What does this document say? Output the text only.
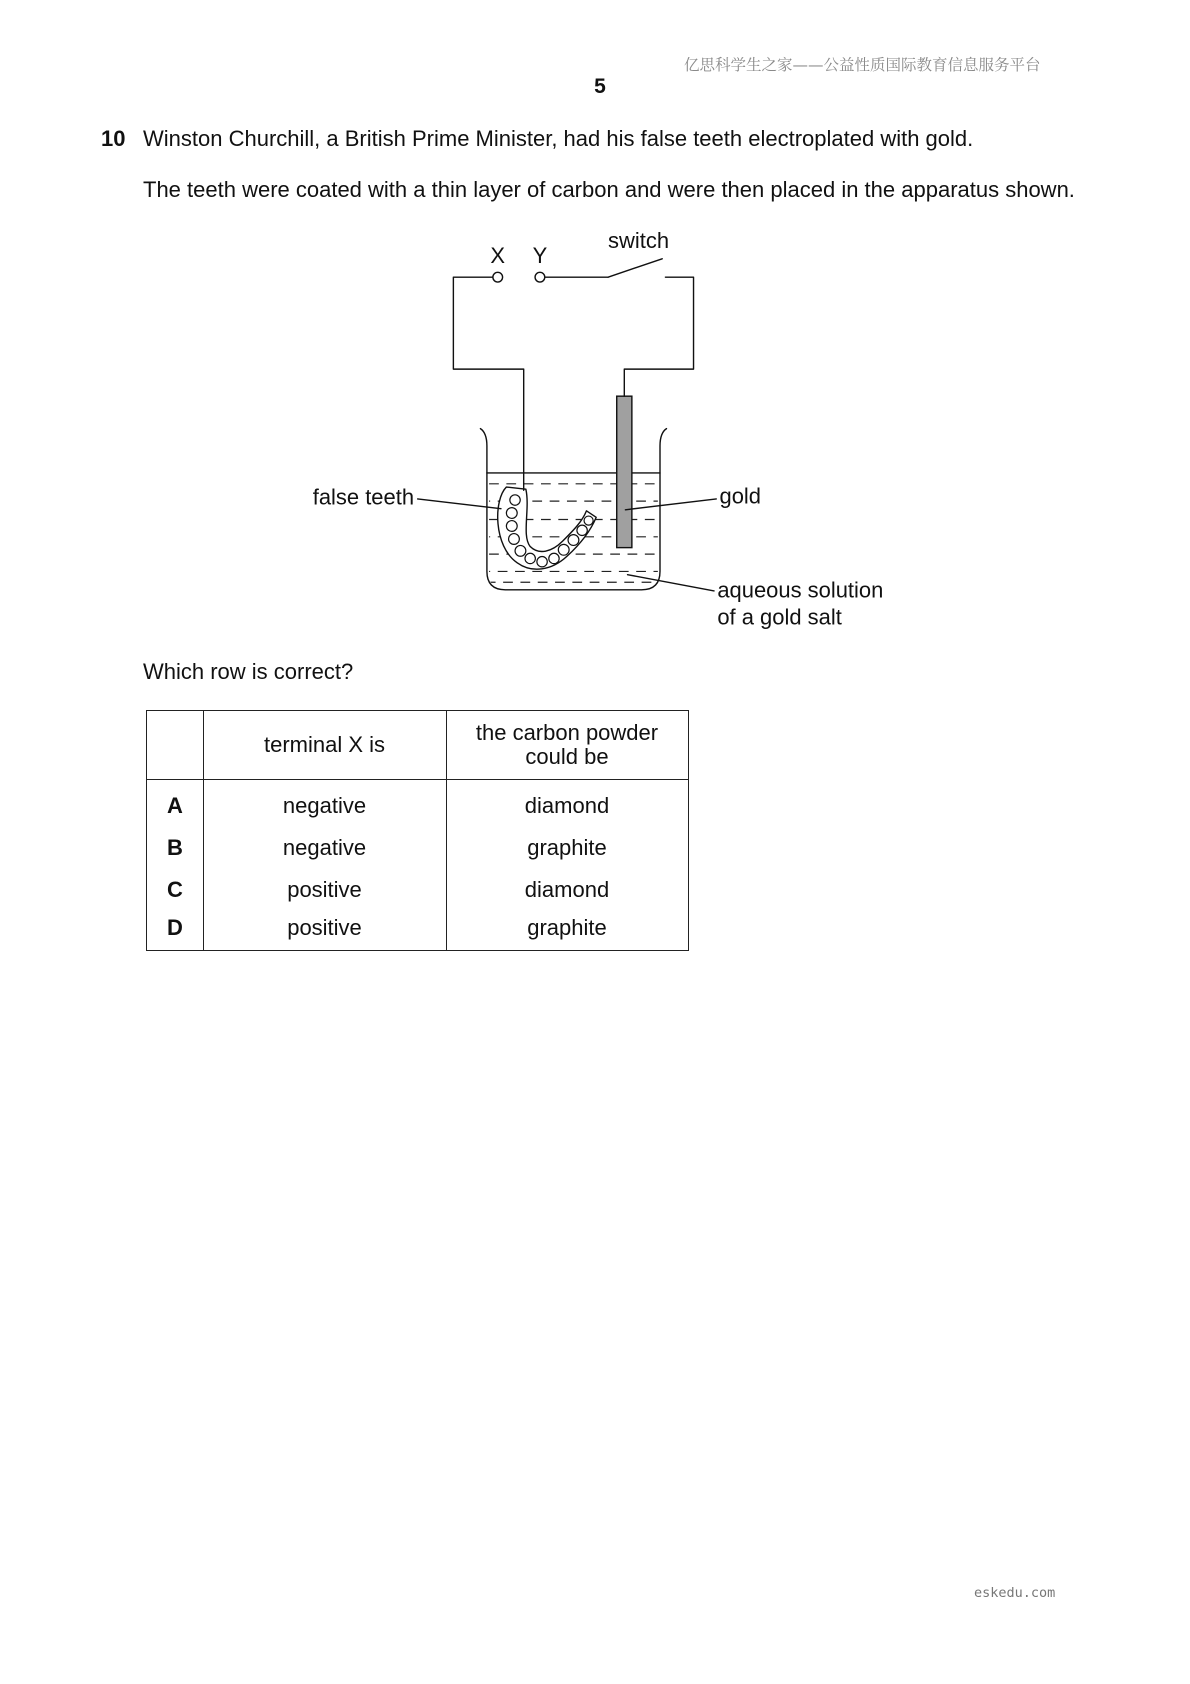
亿思科学生之家——公益性质国际教育信息服务平台
5
10 Winston Churchill, a British Prime Minister, had his false teeth electroplated with gold.
The teeth were coated with a thin layer of carbon and were then placed in the apparatus shown.
X Y
switch
false teeth	gold
aqueous solution
of a gold salt
Which row is correct?
terminal X is	the carbon powder
could be
A	negative	diamond
B	negative	graphite
C	positive	diamond
D	positive	graphite
eskedu.com
